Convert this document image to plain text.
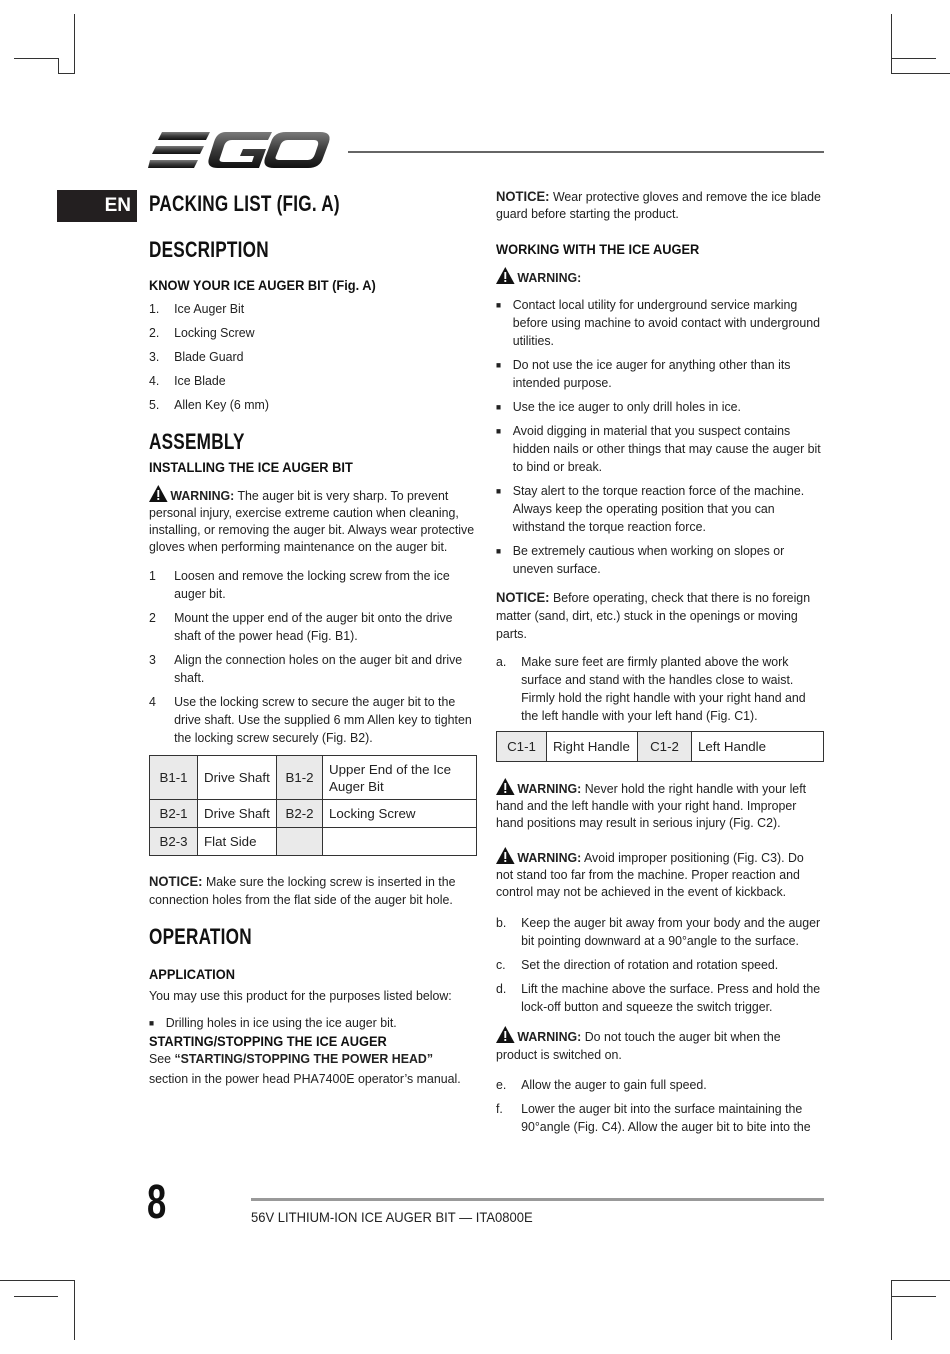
EN PACKING LIST (FIG. A)
DESCRIPTION
KNOW YOUR ICE AUGER BIT (Fig. A)
1.	Ice Auger Bit
2.	Locking Screw
3.	Blade Guard
4.	Ice Blade
5.	Allen Key (6 mm)
ASSEMBLY
INSTALLING THE ICE AUGER BIT
WARNING: The auger bit is very sharp. To prevent personal injury, exercise extreme caution when cleaning, installing, or removing the auger bit. Always wear protective gloves when performing maintenance on the auger bit.
1	Loosen and remove the locking screw from the ice auger bit.
2	Mount the upper end of the auger bit onto the drive shaft of the power head (Fig. B1).
3	Align the connection holes on the auger bit and drive shaft.
4	Use the locking screw to secure the auger bit to the drive shaft. Use the supplied 6 mm Allen key to tighten the locking screw securely (Fig. B2).
B1-1	Drive Shaft	B1-2	Upper End of the Ice Auger Bit
B2-1	Drive Shaft	B2-2	Locking Screw
B2-3	Flat Side		
NOTICE: Make sure the locking screw is inserted in the connection holes from the flat side of the auger bit hole.
OPERATION
APPLICATION
You may use this product for the purposes listed below:
■ Drilling holes in ice using the ice auger bit.
STARTING/STOPPING THE ICE AUGER
See “STARTING/STOPPING THE POWER HEAD” section in the power head PHA7400E operator’s manual.
NOTICE: Wear protective gloves and remove the ice blade guard before starting the product.
WORKING WITH THE ICE AUGER
WARNING:
■ Contact local utility for underground service marking before using machine to avoid contact with underground utilities.
■ Do not use the ice auger for anything other than its intended purpose.
■ Use the ice auger to only drill holes in ice.
■ Avoid digging in material that you suspect contains hidden nails or other things that may cause the auger bit to bind or break.
■ Stay alert to the torque reaction force of the machine. Always keep the operating position that you can withstand the torque reaction force.
■ Be extremely cautious when working on slopes or uneven surface.
NOTICE: Before operating, check that there is no foreign matter (sand, dirt, etc.) stuck in the openings or moving parts.
a.	Make sure feet are firmly planted above the work surface and stand with the handles close to waist. Firmly hold the right handle with your right hand and the left handle with your left hand (Fig. C1).
C1-1	Right Handle	C1-2	Left Handle
WARNING: Never hold the right handle with your left hand and the left handle with your right hand. Improper hand positions may result in serious injury (Fig. C2).
WARNING: Avoid improper positioning (Fig. C3). Do not stand too far from the machine. Proper reaction and control may not be achieved in the event of kickback.
b.	Keep the auger bit away from your body and the auger bit pointing downward at a 90°angle to the surface.
c.	Set the direction of rotation and rotation speed.
d.	Lift the machine above the surface. Press and hold the lock-off button and squeeze the switch trigger.
WARNING: Do not touch the auger bit when the product is switched on.
e.	Allow the auger to gain full speed.
f.	Lower the auger bit into the surface maintaining the 90°angle (Fig. C4). Allow the auger bit to bite into the
8	56V LITHIUM-ION ICE AUGER BIT — ITA0800E
